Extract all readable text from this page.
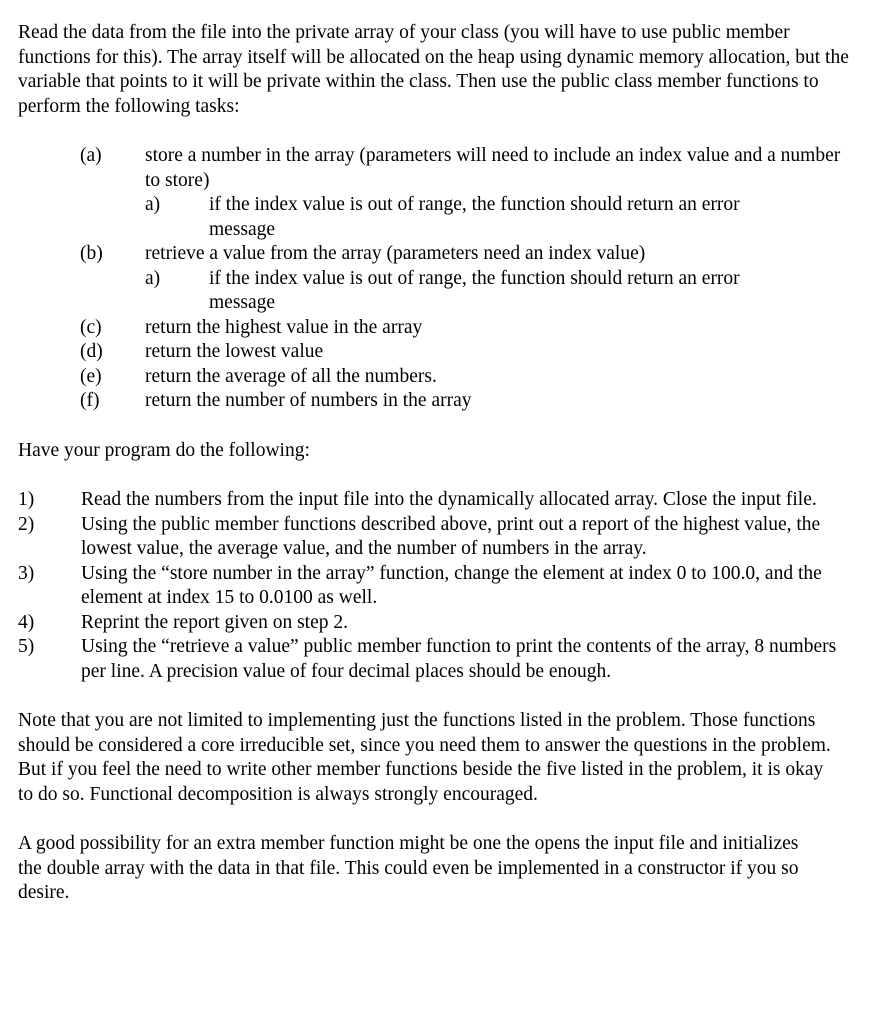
Read the data from the file into the private array of your class (you will have to use public member functions for this). The array itself will be allocated on the heap using dynamic memory allocation, but the variable that points to it will be private within the class. Then use the public class member functions to perform the following tasks:

(a) store a number in the array (parameters will need to include an index value and a number to store)
a)	if the index value is out of range, the function should return an error message
(b) retrieve a value from the array (parameters need an index value)
a)	if the index value is out of range, the function should return an error message
(c) return the highest value in the array
(d) return the lowest value
(e) return the average of all the numbers.
(f) return the number of numbers in the array

Have your program do the following:

1) Read the numbers from the input file into the dynamically allocated array. Close the input file.
2) Using the public member functions described above, print out a report of the highest value, the lowest value, the average value, and the number of numbers in the array.
3) Using the “store number in the array” function, change the element at index 0 to 100.0, and the element at index 15 to 0.0100 as well.
4) Reprint the report given on step 2.
5) Using the “retrieve a value” public member function to print the contents of the array, 8 numbers per line. A precision value of four decimal places should be enough.

Note that you are not limited to implementing just the functions listed in the problem. Those functions should be considered a core irreducible set, since you need them to answer the questions in the problem. But if you feel the need to write other member functions beside the five listed in the problem, it is okay to do so. Functional decomposition is always strongly encouraged.

A good possibility for an extra member function might be one the opens the input file and initializes the double array with the data in that file. This could even be implemented in a constructor if you so desire.
